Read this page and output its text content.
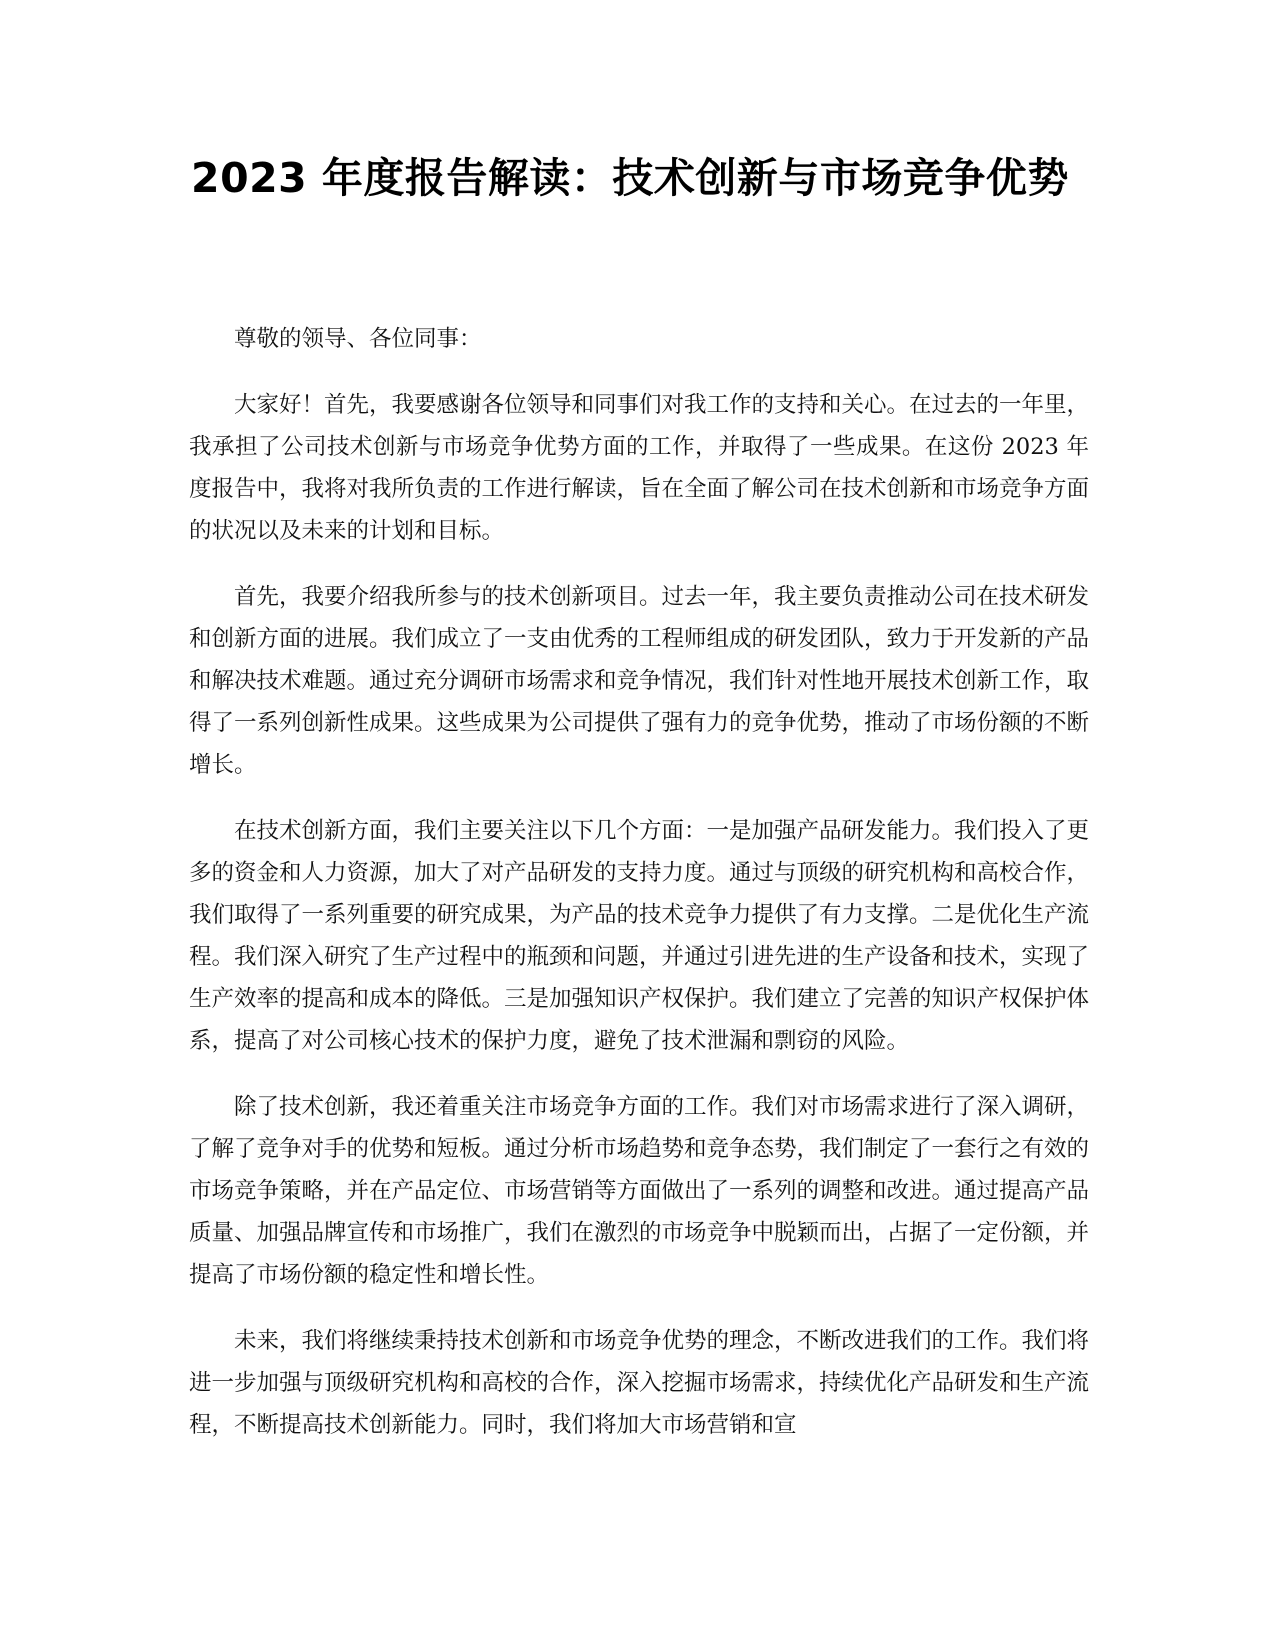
2023 年度报告解读：技术创新与市场竞争优势

尊敬的领导、各位同事：

大家好！首先，我要感谢各位领导和同事们对我工作的支持和关心。在过去的一年里，我承担了公司技术创新与市场竞争优势方面的工作，并取得了一些成果。在这份 2023 年度报告中，我将对我所负责的工作进行解读，旨在全面了解公司在技术创新和市场竞争方面的状况以及未来的计划和目标。

首先，我要介绍我所参与的技术创新项目。过去一年，我主要负责推动公司在技术研发和创新方面的进展。我们成立了一支由优秀的工程师组成的研发团队，致力于开发新的产品和解决技术难题。通过充分调研市场需求和竞争情况，我们针对性地开展技术创新工作，取得了一系列创新性成果。这些成果为公司提供了强有力的竞争优势，推动了市场份额的不断增长。

在技术创新方面，我们主要关注以下几个方面：一是加强产品研发能力。我们投入了更多的资金和人力资源，加大了对产品研发的支持力度。通过与顶级的研究机构和高校合作，我们取得了一系列重要的研究成果，为产品的技术竞争力提供了有力支撑。二是优化生产流程。我们深入研究了生产过程中的瓶颈和问题，并通过引进先进的生产设备和技术，实现了生产效率的提高和成本的降低。三是加强知识产权保护。我们建立了完善的知识产权保护体系，提高了对公司核心技术的保护力度，避免了技术泄漏和剽窃的风险。

除了技术创新，我还着重关注市场竞争方面的工作。我们对市场需求进行了深入调研，了解了竞争对手的优势和短板。通过分析市场趋势和竞争态势，我们制定了一套行之有效的市场竞争策略，并在产品定位、市场营销等方面做出了一系列的调整和改进。通过提高产品质量、加强品牌宣传和市场推广，我们在激烈的市场竞争中脱颖而出，占据了一定份额，并提高了市场份额的稳定性和增长性。

未来，我们将继续秉持技术创新和市场竞争优势的理念，不断改进我们的工作。我们将进一步加强与顶级研究机构和高校的合作，深入挖掘市场需求，持续优化产品研发和生产流程，不断提高技术创新能力。同时，我们将加大市场营销和宣
